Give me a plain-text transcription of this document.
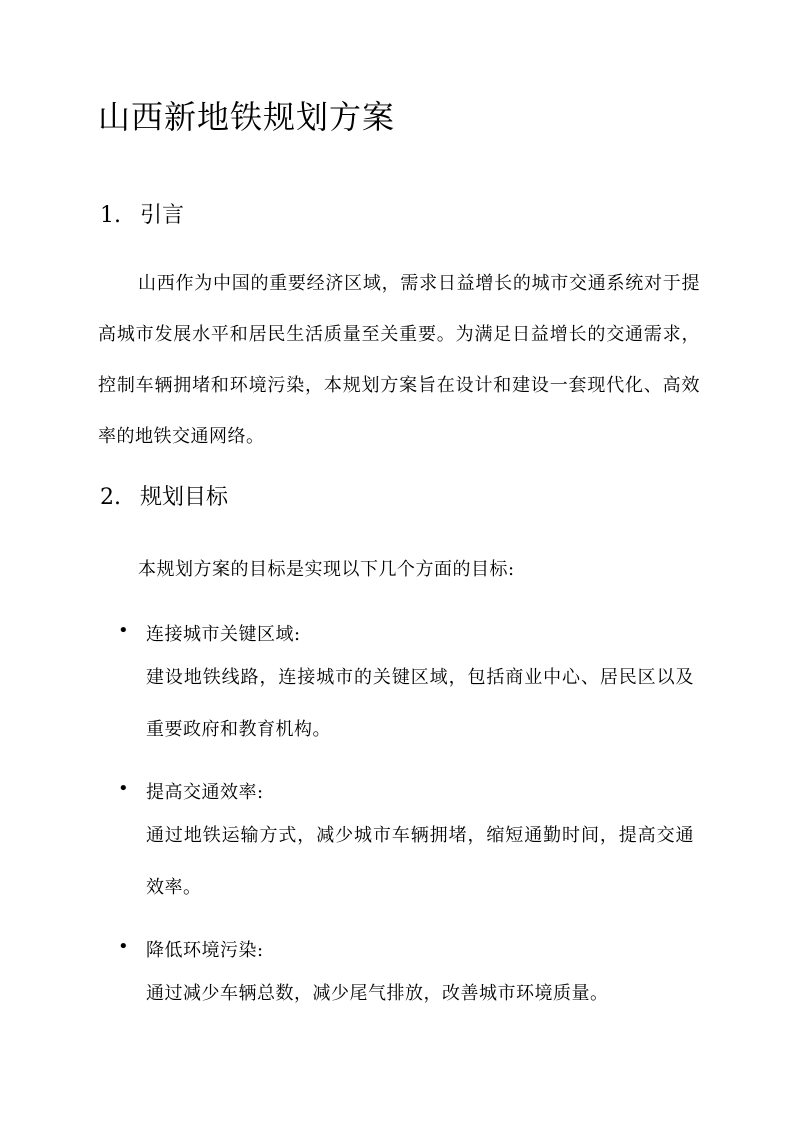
山西新地铁规划方案
1. 引言

山西作为中国的重要经济区域，需求日益增长的城市交通系统对于提高城市发展水平和居民生活质量至关重要。为满足日益增长的交通需求，控制车辆拥堵和环境污染，本规划方案旨在设计和建设一套现代化、高效率的地铁交通网络。

2. 规划目标

本规划方案的目标是实现以下几个方面的目标:

• 连接城市关键区域:

建设地铁线路，连接城市的关键区域，包括商业中心、居民区以及重要政府和教育机构。

• 提高交通效率:

通过地铁运输方式，减少城市车辆拥堵，缩短通勤时间，提高交通效率。

• 降低环境污染:

通过减少车辆总数，减少尾气排放，改善城市环境质量。
